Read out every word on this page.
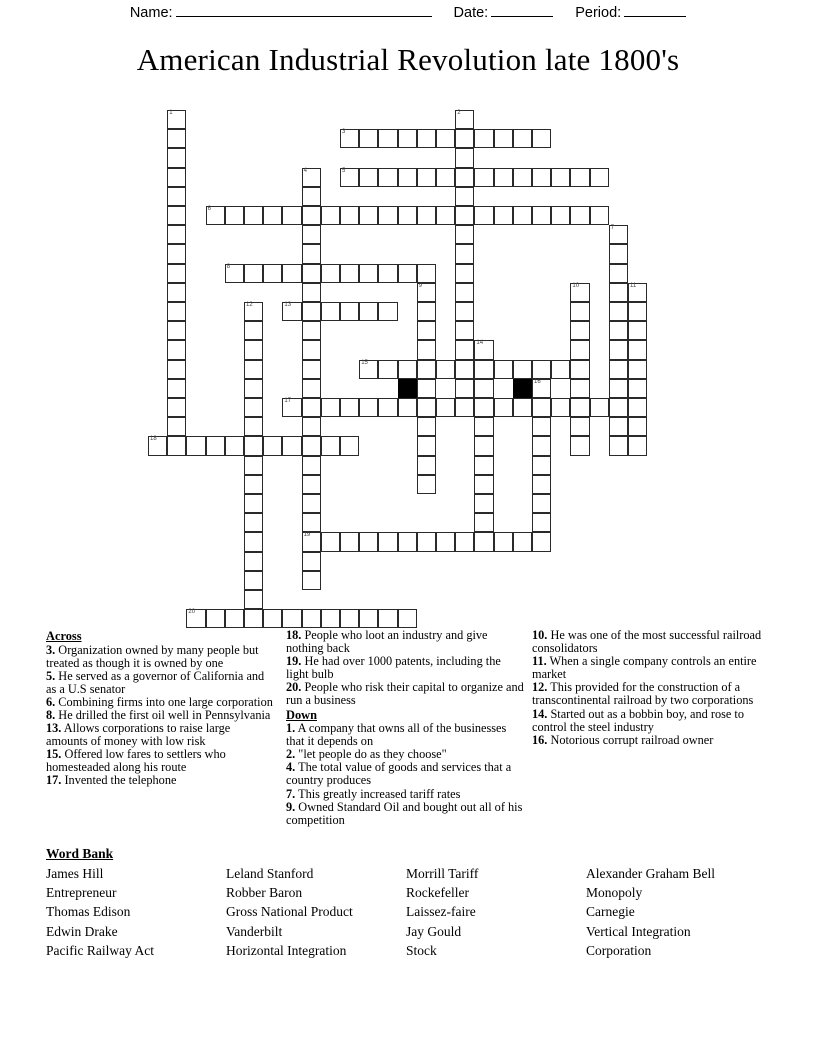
Name:	Date:	Period:
American Industrial Revolution late 1800's
1	2
3
4
19
5
6
7
8
9	10	11
12	13
14
15
16
17
18
20
Across

3. Organization owned by many people but treated as though it is owned by one

5. He served as a governor of California and as a U.S senator

6. Combining firms into one large corporation

8. He drilled the first oil well in Pennsylvania

13. Allows corporations to raise large amounts of money with low risk

15. Offered low fares to settlers who homesteaded along his route

17. Invented the telephone

18. People who loot an industry and give nothing back

19. He had over 1000 patents, including the light bulb

20. People who risk their capital to organize and run a business

Down

1. A company that owns all of the businesses that it depends on

2. "let people do as they choose"

4. The total value of goods and services that a country produces

7. This greatly increased tariff rates

9. Owned Standard Oil and bought out all of his competition

10. He was one of the most successful railroad consolidators

11. When a single company controls an entire market

12. This provided for the construction of a transcontinental railroad by two corporations

14. Started out as a bobbin boy, and rose to control the steel industry

16. Notorious corrupt railroad owner

Word Bank
James Hill	Leland Stanford	Morrill Tariff	Alexander Graham Bell
Entrepreneur	Robber Baron	Rockefeller	Monopoly
Thomas Edison	Gross National Product	Laissez-faire	Carnegie
Edwin Drake	Vanderbilt	Jay Gould	Vertical Integration
Pacific Railway Act	Horizontal Integration	Stock	Corporation
